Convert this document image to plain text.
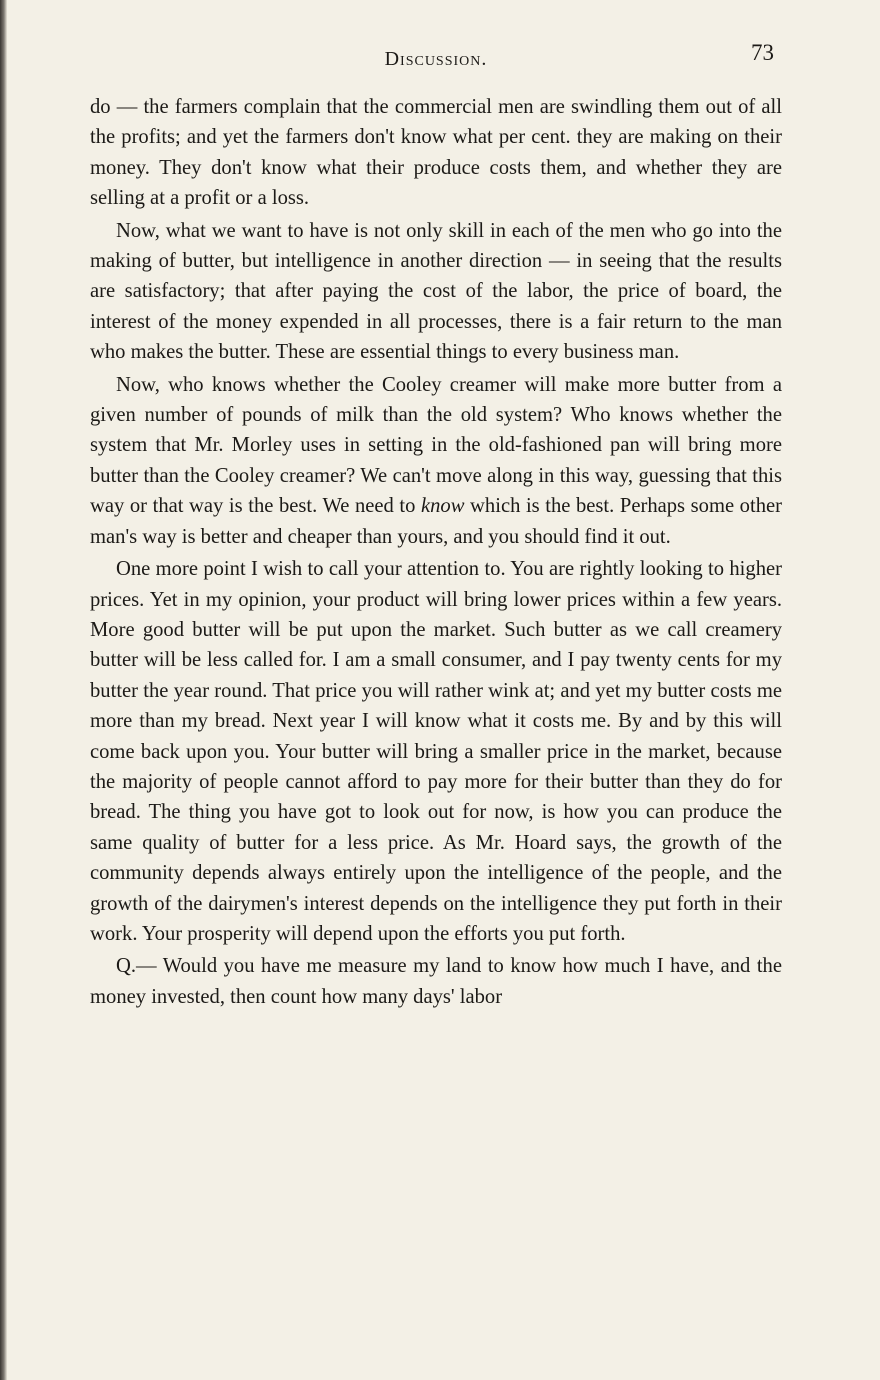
Discussion.	73

do — the farmers complain that the commercial men are swindling them out of all the profits; and yet the farmers don't know what per cent. they are making on their money. They don't know what their produce costs them, and whether they are selling at a profit or a loss.

Now, what we want to have is not only skill in each of the men who go into the making of butter, but intelligence in another direction — in seeing that the results are satisfactory; that after paying the cost of the labor, the price of board, the interest of the money expended in all processes, there is a fair return to the man who makes the butter. These are essential things to every business man.

Now, who knows whether the Cooley creamer will make more butter from a given number of pounds of milk than the old system? Who knows whether the system that Mr. Morley uses in setting in the old-fashioned pan will bring more butter than the Cooley creamer? We can't move along in this way, guessing that this way or that way is the best. We need to know which is the best. Perhaps some other man's way is better and cheaper than yours, and you should find it out.

One more point I wish to call your attention to. You are rightly looking to higher prices. Yet in my opinion, your product will bring lower prices within a few years. More good butter will be put upon the market. Such butter as we call creamery butter will be less called for. I am a small consumer, and I pay twenty cents for my butter the year round. That price you will rather wink at; and yet my butter costs me more than my bread. Next year I will know what it costs me. By and by this will come back upon you. Your butter will bring a smaller price in the market, because the majority of people cannot afford to pay more for their butter than they do for bread. The thing you have got to look out for now, is how you can produce the same quality of butter for a less price. As Mr. Hoard says, the growth of the community depends always entirely upon the intelligence of the people, and the growth of the dairymen's interest depends on the intelligence they put forth in their work. Your prosperity will depend upon the efforts you put forth.

Q.— Would you have me measure my land to know how much I have, and the money invested, then count how many days' labor
